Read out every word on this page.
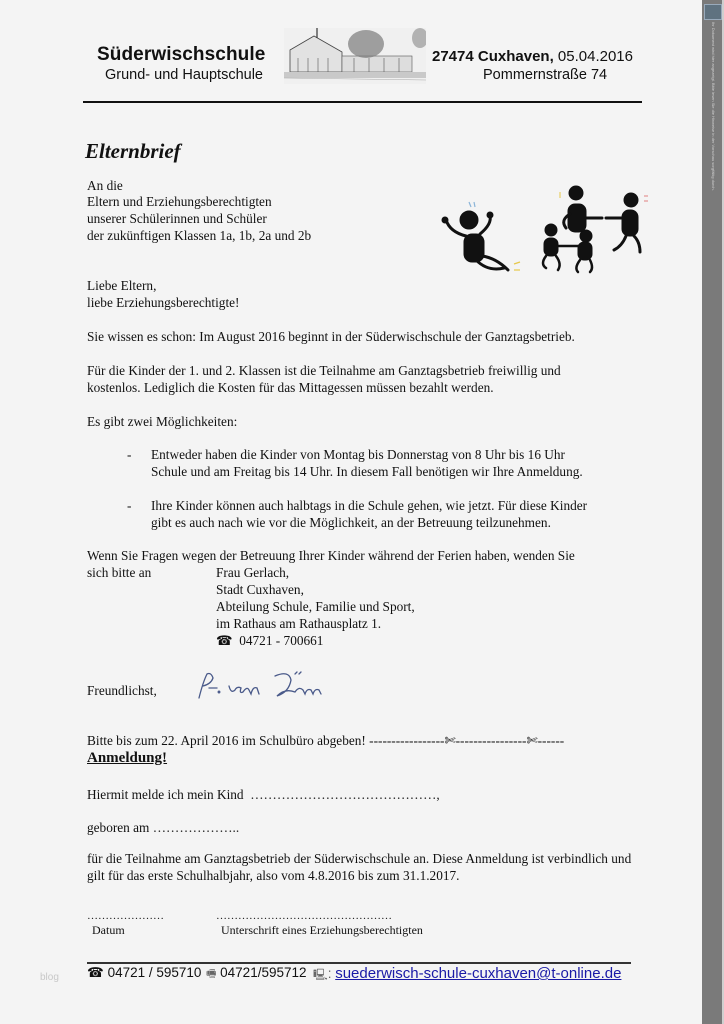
Süderwischschule
Grund- und Hauptschule
27474 Cuxhaven, 05.04.2016
Pommernstraße 74
Elternbrief
An die
Eltern und Erziehungsberechtigten
unserer Schülerinnen und Schüler
der zukünftigen Klassen 1a, 1b, 2a und 2b
Liebe Eltern,
liebe Erziehungsberechtigte!
Sie wissen es schon: Im August 2016 beginnt in der Süderwischschule der Ganztagsbetrieb.
Für die Kinder der 1. und 2. Klassen ist die Teilnahme am Ganztagsbetrieb freiwillig und
kostenlos. Lediglich die Kosten für das Mittagessen müssen bezahlt werden.
Es gibt zwei Möglichkeiten:
- Entweder haben die Kinder von Montag bis Donnerstag von 8 Uhr bis 16 Uhr
Schule und am Freitag bis 14 Uhr. In diesem Fall benötigen wir Ihre Anmeldung.
- Ihre Kinder können auch halbtags in die Schule gehen, wie jetzt. Für diese Kinder
gibt es auch nach wie vor die Möglichkeit, an der Betreuung teilzunehmen.
Wenn Sie Fragen wegen der Betreuung Ihrer Kinder während der Ferien haben, wenden Sie
sich bitte an	Frau Gerlach,
Stadt Cuxhaven,
Abteilung Schule, Familie und Sport,
im Rathaus am Rathausplatz 1.
☎ 04721 - 700661
Freundlichst,
Bitte bis zum 22. April 2016 im Schulbüro abgeben! -----------------✄----------------✄------
Anmeldung!
Hiermit melde ich mein Kind ……………………………………,
geboren am ………………..
für die Teilnahme am Ganztagsbetrieb der Süderwischschule an. Diese Anmeldung ist verbindlich und
gilt für das erste Schulhalbjahr, also vom 4.8.2016 bis zum 31.1.2017.
…………………	…………………………………………
Datum	Unterschrift eines Erziehungsberechtigten
☎ 04721 / 595710 🖷 04721/595712 🖳: suederwisch-schule-cuxhaven@t-online.de
blog
Ihr Dokument wird hier angezeigt. Bitte lesen Sie die Hinweise in der Vorschau sorgfältig durch.
